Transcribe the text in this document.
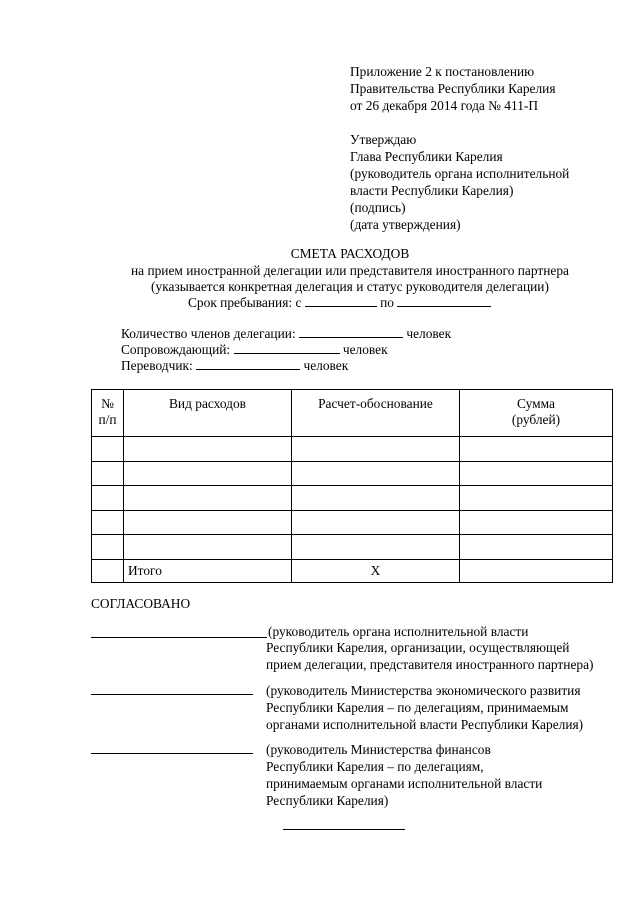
Приложение 2 к постановлению
Правительства Республики Карелия
от 26 декабря 2014 года № 411-П
Утверждаю
Глава Республики Карелия
(руководитель органа исполнительной
власти Республики Карелия)
(подпись)
(дата утверждения)
СМЕТА РАСХОДОВ
на прием иностранной делегации или представителя иностранного партнера
(указывается конкретная делегация и статус руководителя делегации)
Срок пребывания: с	по
Количество членов делегации:	человек
Сопровождающий:	человек
Переводчик:	человек
№ п/п	Вид расходов	Расчет-обоснование	Сумма (рублей)

	Итого	X	
СОГЛАСОВАНО
(руководитель органа исполнительной власти
Республики Карелия, организации, осуществляющей
прием делегации, представителя иностранного партнера)
(руководитель Министерства экономического развития
Республики Карелия – по делегациям, принимаемым
органами исполнительной власти Республики Карелия)
(руководитель Министерства финансов
Республики Карелия – по делегациям,
принимаемым органами исполнительной власти
Республики Карелия)
